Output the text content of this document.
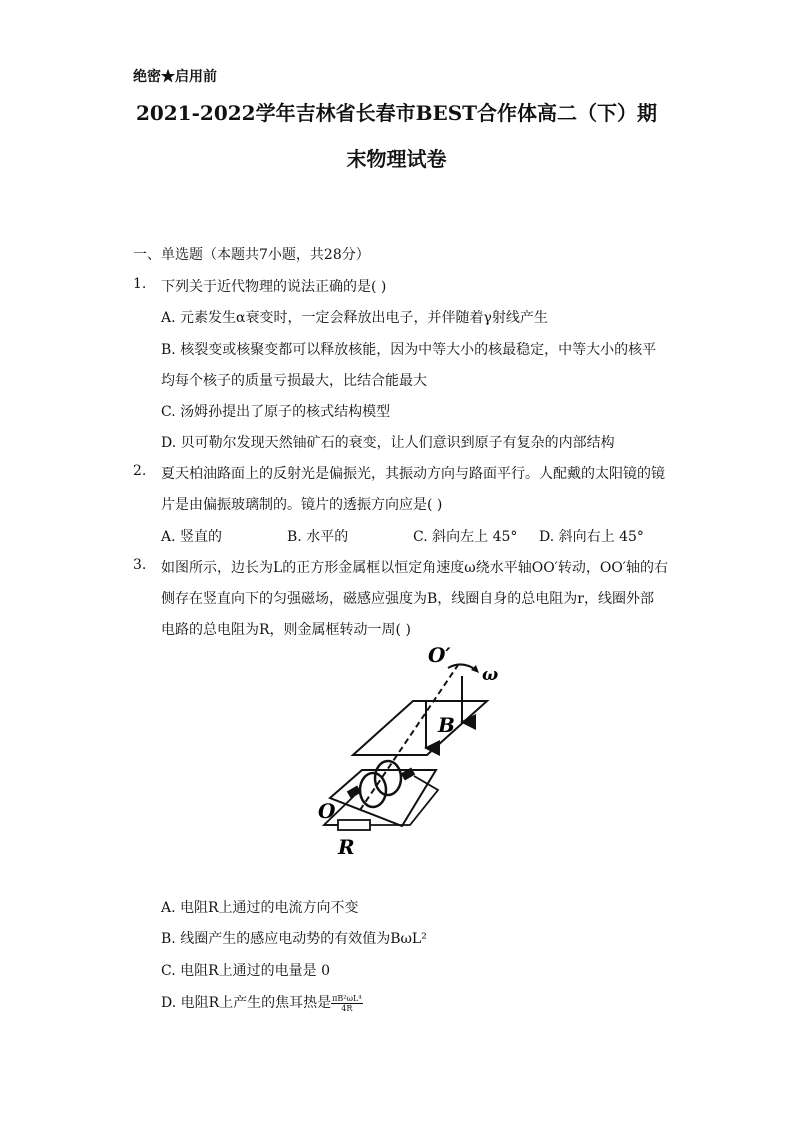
绝密★启用前
2021-2022学年吉林省长春市BEST合作体高二（下）期
末物理试卷
一、单选题（本题共7小题，共28分）
1. 下列关于近代物理的说法正确的是( )
A. 元素发生α衰变时，一定会释放出电子，并伴随着γ射线产生
B. 核裂变或核聚变都可以释放核能，因为中等大小的核最稳定，中等大小的核平
均每个核子的质量亏损最大，比结合能最大
C. 汤姆孙提出了原子的核式结构模型
D. 贝可勒尔发现天然铀矿石的衰变，让人们意识到原子有复杂的内部结构
2. 夏天柏油路面上的反射光是偏振光，其振动方向与路面平行。人配戴的太阳镜的镜
片是由偏振玻璃制的。镜片的透振方向应是( )
A. 竖直的	B. 水平的	C. 斜向左上 45° D. 斜向右上 45°
3. 如图所示，边长为L的正方形金属框以恒定角速度ω绕水平轴OO′转动，OO′轴的右
侧存在竖直向下的匀强磁场，磁感应强度为B，线圈自身的总电阻为r，线圈外部
电路的总电阻为R，则金属框转动一周( )
O′
ω
B
O
R
A. 电阻R上通过的电流方向不变
B. 线圈产生的感应电动势的有效值为BωL²
C. 电阻R上通过的电量是 0
D. 电阻R上产生的焦耳热是 $\frac{\text{πB²ωL⁴}}{4R}$
